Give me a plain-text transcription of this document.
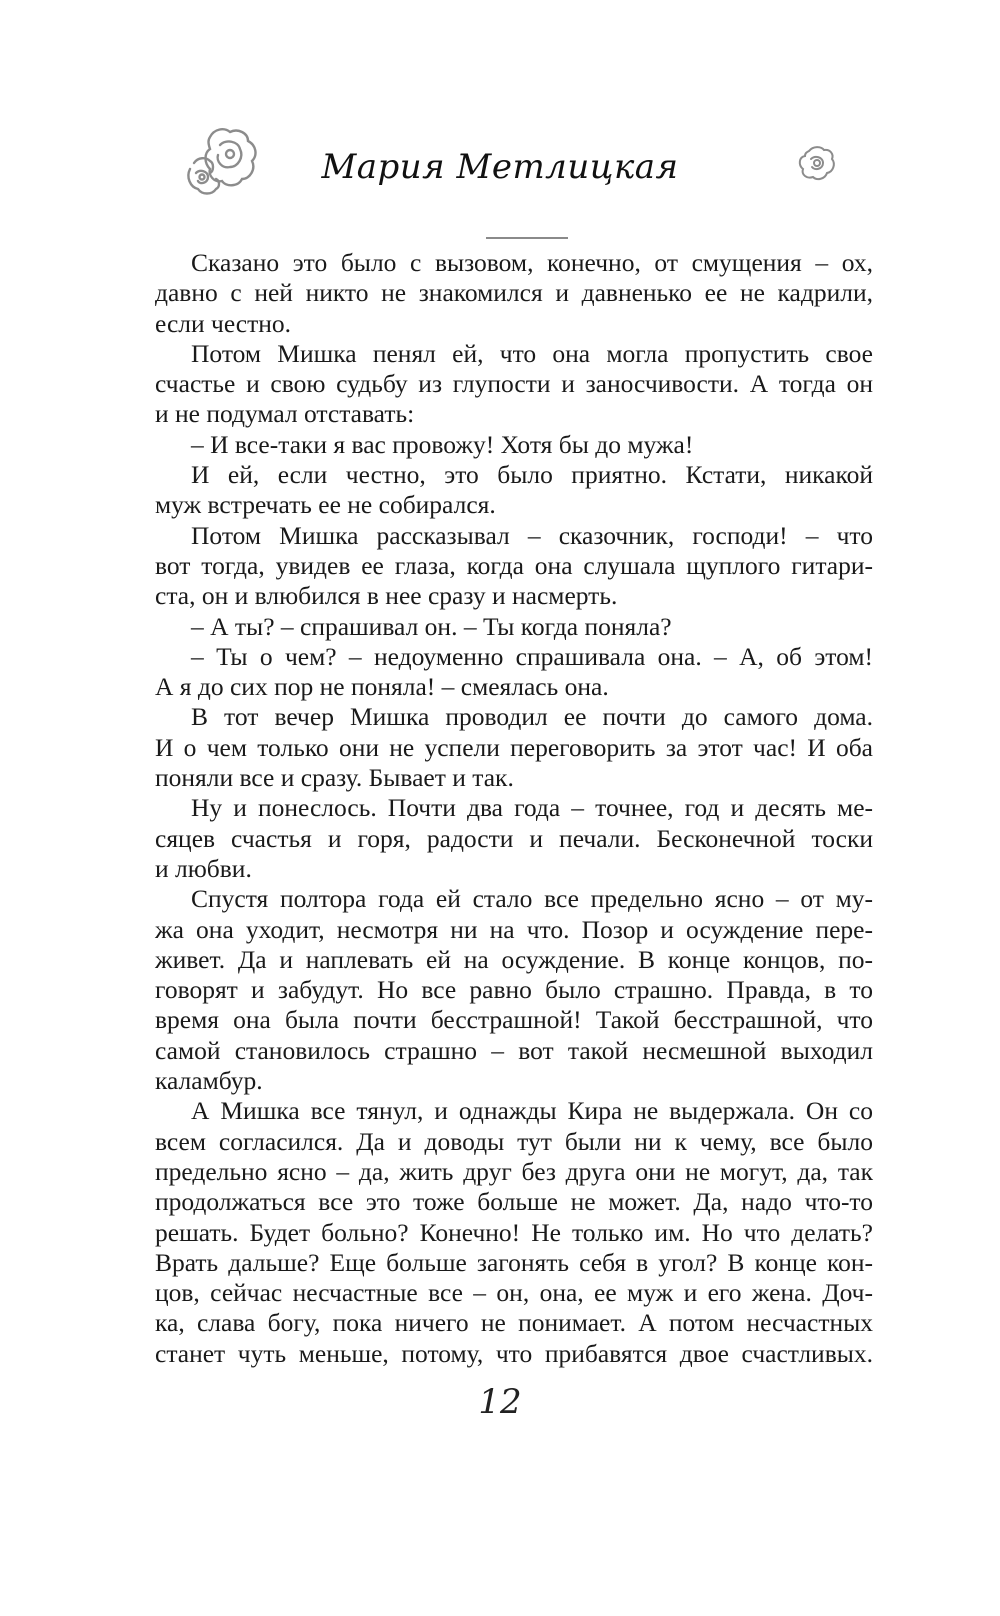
Мария Метлицкая
Сказано это было с вызовом, конечно, от смущения – ох,
давно с ней никто не знакомился и давненько ее не кадрили,
если честно.
Потом Мишка пенял ей, что она могла пропустить свое
счастье и свою судьбу из глупости и заносчивости. А тогда он
и не подумал отставать:
– И все-таки я вас провожу! Хотя бы до мужа!
И ей, если честно, это было приятно. Кстати, никакой
муж встречать ее не собирался.
Потом Мишка рассказывал – сказочник, господи! – что
вот тогда, увидев ее глаза, когда она слушала щуплого гитари-
ста, он и влюбился в нее сразу и насмерть.
– А ты? – спрашивал он. – Ты когда поняла?
– Ты о чем? – недоуменно спрашивала она. – А, об этом!
А я до сих пор не поняла! – смеялась она.
В тот вечер Мишка проводил ее почти до самого дома.
И о чем только они не успели переговорить за этот час! И оба
поняли все и сразу. Бывает и так.
Ну и понеслось. Почти два года – точнее, год и десять ме-
сяцев счастья и горя, радости и печали. Бесконечной тоски
и любви.
Спустя полтора года ей стало все предельно ясно – от му-
жа она уходит, несмотря ни на что. Позор и осуждение пере-
живет. Да и наплевать ей на осуждение. В конце концов, по-
говорят и забудут. Но все равно было страшно. Правда, в то
время она была почти бесстрашной! Такой бесстрашной, что
самой становилось страшно – вот такой несмешной выходил
каламбур.
А Мишка все тянул, и однажды Кира не выдержала. Он со
всем согласился. Да и доводы тут были ни к чему, все было
предельно ясно – да, жить друг без друга они не могут, да, так
продолжаться все это тоже больше не может. Да, надо что-то
решать. Будет больно? Конечно! Не только им. Но что делать?
Врать дальше? Еще больше загонять себя в угол? В конце кон-
цов, сейчас несчастные все – он, она, ее муж и его жена. Доч-
ка, слава богу, пока ничего не понимает. А потом несчастных
станет чуть меньше, потому, что прибавятся двое счастливых.
12
